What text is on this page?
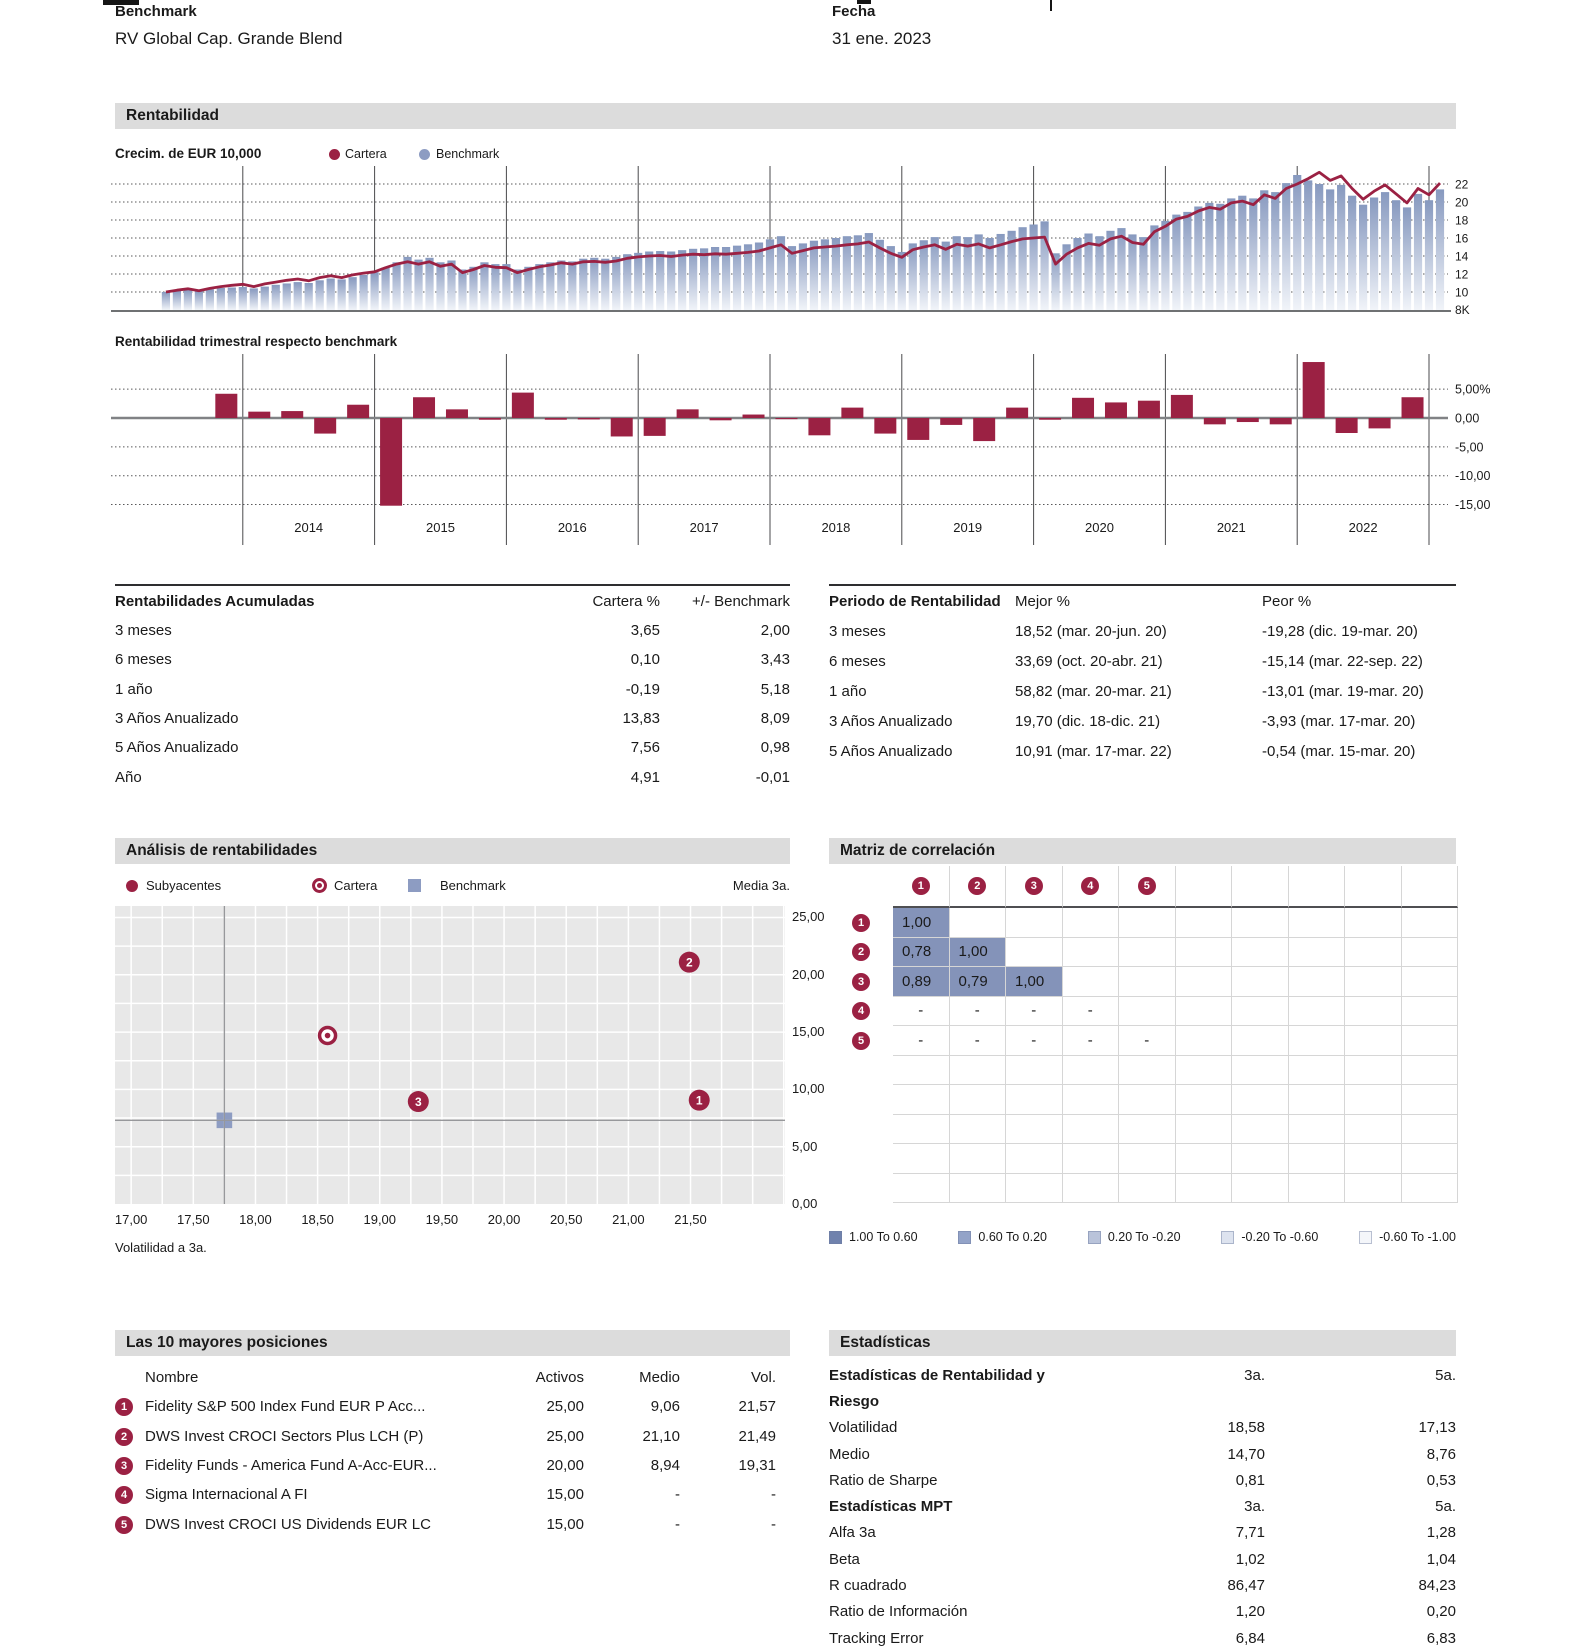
Benchmark
RV Global Cap. Grande Blend
Fecha
31 ene. 2023
Rentabilidad
Crecim. de EUR 10,000	Cartera	Benchmark
22
20
18
16
14
12
10
8K
Rentabilidad trimestral respecto benchmark
5,00%
0,00
-5,00
-10,00
-15,00
2014	2015	2016	2017	2018	2019	2020	2021	2022
Rentabilidades Acumuladas	Cartera %	+/- Benchmark
3 meses	3,65	2,00
6 meses	0,10	3,43
1 año	-0,19	5,18
3 Años Anualizado	13,83	8,09
5 Años Anualizado	7,56	0,98
Año	4,91	-0,01
Periodo de Rentabilidad Mejor %	Peor %
3 meses	18,52 (mar. 20-jun. 20)	-19,28 (dic. 19-mar. 20)
6 meses	33,69 (oct. 20-abr. 21)	-15,14 (mar. 22-sep. 22)
1 año	58,82 (mar. 20-mar. 21)	-13,01 (mar. 19-mar. 20)
3 Años Anualizado	19,70 (dic. 18-dic. 21)	-3,93 (mar. 17-mar. 20)
5 Años Anualizado	10,91 (mar. 17-mar. 22)	-0,54 (mar. 15-mar. 20)
Análisis de rentabilidades	Matriz de correlación
Subyacentes	Cartera	Benchmark	Media 3a.
1
2
3
25,00
20,00
15,00
10,00
5,00
0,00
17,00	17,50	18,00	18,50	19,00	19,50	20,00	20,50	21,00	21,50
Volatilidad a 3a.
1	2	3	4	5
1	1,00
2	0,78	1,00
3	0,89	0,79	1,00
4	-	-	-	-
5	-	-	-	-	-
1.00 To 0.60	0.60 To 0.20	0.20 To -0.20	-0.20 To -0.60	-0.60 To -1.00
Las 10 mayores posiciones	Estadísticas
Nombre	Activos	Medio	Vol.
1	Fidelity S&P 500 Index Fund EUR P Acc...	25,00	9,06	21,57
2	DWS Invest CROCI Sectors Plus LCH (P)	25,00	21,10	21,49
3	Fidelity Funds - America Fund A-Acc-EUR...	20,00	8,94	19,31
4	Sigma Internacional A FI	15,00	-	-
5	DWS Invest CROCI US Dividends EUR LC	15,00	-	-
Estadísticas de Rentabilidad y	3a.	5a.
Riesgo
Volatilidad	18,58	17,13
Medio	14,70	8,76
Ratio de Sharpe	0,81	0,53
Estadísticas MPT	3a.	5a.
Alfa 3a	7,71	1,28
Beta	1,02	1,04
R cuadrado	86,47	84,23
Ratio de Información	1,20	0,20
Tracking Error	6,84	6,83
